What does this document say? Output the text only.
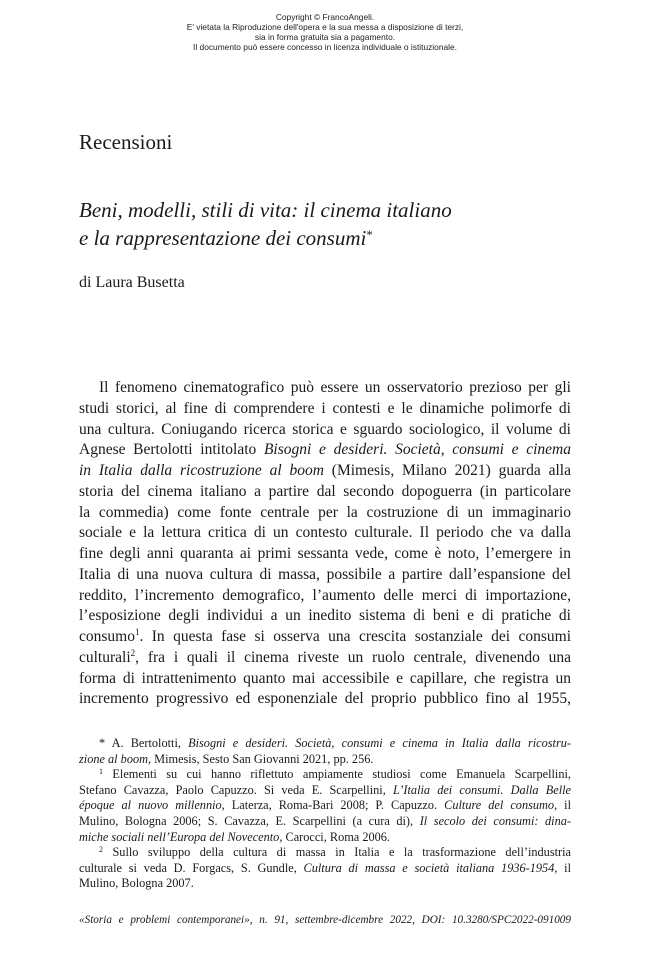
Copyright © FrancoAngeli.
E' vietata la Riproduzione dell'opera e la sua messa a disposizione di terzi,
sia in forma gratuita sia a pagamento.
Il documento può essere concesso in licenza individuale o istituzionale.
Recensioni
Beni, modelli, stili di vita: il cinema italiano
e la rappresentazione dei consumi*
di Laura Busetta
Il fenomeno cinematografico può essere un osservatorio prezioso per gli
studi storici, al fine di comprendere i contesti e le dinamiche polimorfe di
una cultura. Coniugando ricerca storica e sguardo sociologico, il volume di
Agnese Bertolotti intitolato Bisogni e desideri. Società, consumi e cinema
in Italia dalla ricostruzione al boom (Mimesis, Milano 2021) guarda alla
storia del cinema italiano a partire dal secondo dopoguerra (in particolare
la commedia) come fonte centrale per la costruzione di un immaginario
sociale e la lettura critica di un contesto culturale. Il periodo che va dalla
fine degli anni quaranta ai primi sessanta vede, come è noto, l’emergere in
Italia di una nuova cultura di massa, possibile a partire dall’espansione del
reddito, l’incremento demografico, l’aumento delle merci di importazione,
l’esposizione degli individui a un inedito sistema di beni e di pratiche di
consumo$^1$. In questa fase si osserva una crescita sostanziale dei consumi
culturali$^2$, fra i quali il cinema riveste un ruolo centrale, divenendo una
forma di intrattenimento quanto mai accessibile e capillare, che registra un
incremento progressivo ed esponenziale del proprio pubblico fino al 1955,
* A. Bertolotti, Bisogni e desideri. Società, consumi e cinema in Italia dalla ricostru-
zione al boom, Mimesis, Sesto San Giovanni 2021, pp. 256.
$^1$ Elementi su cui hanno riflettuto ampiamente studiosi come Emanuela Scarpellini,
Stefano Cavazza, Paolo Capuzzo. Si veda E. Scarpellini, L’Italia dei consumi. Dalla Belle
époque al nuovo millennio, Laterza, Roma-Bari 2008; P. Capuzzo. Culture del consumo, il
Mulino, Bologna 2006; S. Cavazza, E. Scarpellini (a cura di), Il secolo dei consumi: dina-
miche sociali nell’Europa del Novecento, Carocci, Roma 2006.
$^2$ Sullo sviluppo della cultura di massa in Italia e la trasformazione dell’industria
culturale si veda D. Forgacs, S. Gundle, Cultura di massa e società italiana 1936-1954, il
Mulino, Bologna 2007.
«Storia e problemi contemporanei», n. 91, settembre-dicembre 2022, DOI: 10.3280/SPC2022-091009
